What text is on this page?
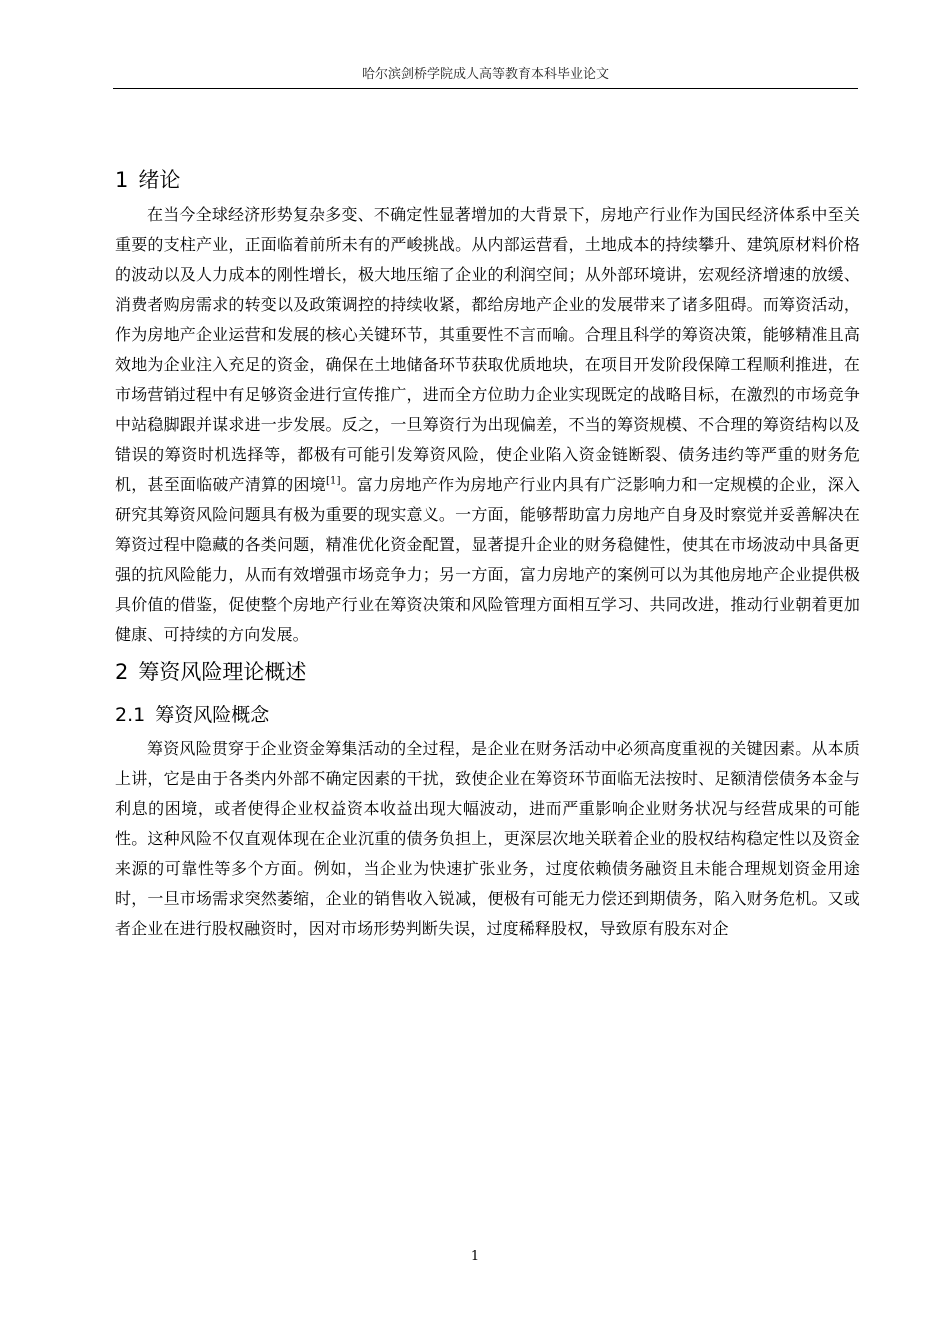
哈尔滨剑桥学院成人高等教育本科毕业论文
1 绪论

在当今全球经济形势复杂多变、不确定性显著增加的大背景下，房地产行业作为国民经济体系中至关重要的支柱产业，正面临着前所未有的严峻挑战。从内部运营看，土地成本的持续攀升、建筑原材料价格的波动以及人力成本的刚性增长，极大地压缩了企业的利润空间；从外部环境讲，宏观经济增速的放缓、消费者购房需求的转变以及政策调控的持续收紧，都给房地产企业的发展带来了诸多阻碍。而筹资活动，作为房地产企业运营和发展的核心关键环节，其重要性不言而喻。合理且科学的筹资决策，能够精准且高效地为企业注入充足的资金，确保在土地储备环节获取优质地块，在项目开发阶段保障工程顺利推进，在市场营销过程中有足够资金进行宣传推广，进而全方位助力企业实现既定的战略目标，在激烈的市场竞争中站稳脚跟并谋求进一步发展。反之，一旦筹资行为出现偏差，不当的筹资规模、不合理的筹资结构以及错误的筹资时机选择等，都极有可能引发筹资风险，使企业陷入资金链断裂、债务违约等严重的财务危机，甚至面临破产清算的困境[1]。富力房地产作为房地产行业内具有广泛影响力和一定规模的企业，深入研究其筹资风险问题具有极为重要的现实意义。一方面，能够帮助富力房地产自身及时察觉并妥善解决在筹资过程中隐藏的各类问题，精准优化资金配置，显著提升企业的财务稳健性，使其在市场波动中具备更强的抗风险能力，从而有效增强市场竞争力；另一方面，富力房地产的案例可以为其他房地产企业提供极具价值的借鉴，促使整个房地产行业在筹资决策和风险管理方面相互学习、共同改进，推动行业朝着更加健康、可持续的方向发展。

2 筹资风险理论概述
2.1 筹资风险概念

筹资风险贯穿于企业资金筹集活动的全过程，是企业在财务活动中必须高度重视的关键因素。从本质上讲，它是由于各类内外部不确定因素的干扰，致使企业在筹资环节面临无法按时、足额清偿债务本金与利息的困境，或者使得企业权益资本收益出现大幅波动，进而严重影响企业财务状况与经营成果的可能性。这种风险不仅直观体现在企业沉重的债务负担上，更深层次地关联着企业的股权结构稳定性以及资金来源的可靠性等多个方面。例如，当企业为快速扩张业务，过度依赖债务融资且未能合理规划资金用途时，一旦市场需求突然萎缩，企业的销售收入锐减，便极有可能无力偿还到期债务，陷入财务危机。又或者企业在进行股权融资时，因对市场形势判断失误，过度稀释股权，导致原有股东对企

1
